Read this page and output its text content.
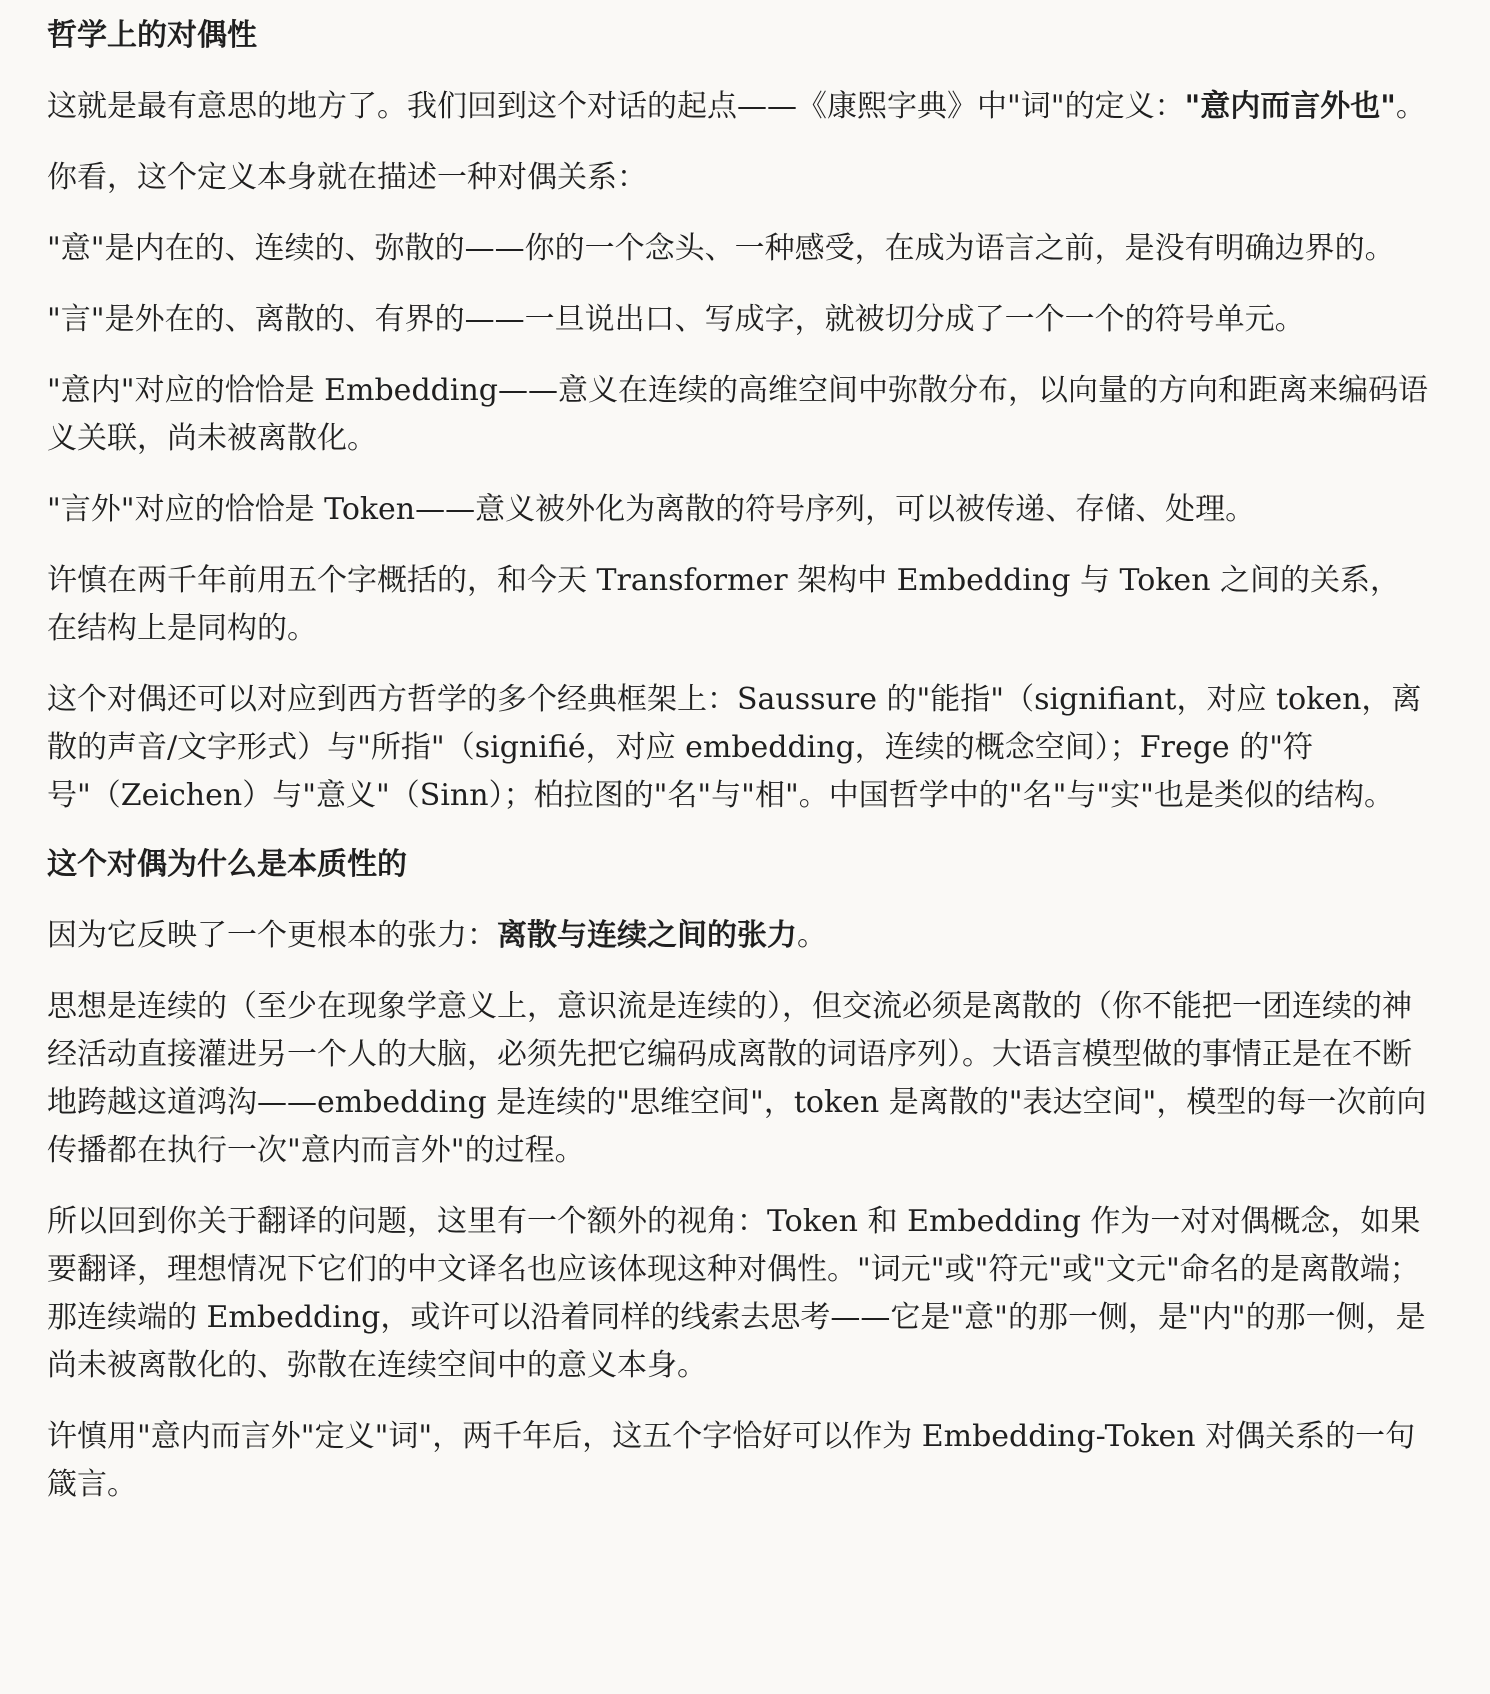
哲学上的对偶性

这就是最有意思的地方了。我们回到这个对话的起点——《康熙字典》中"词"的定义："意内而言外也"。

你看，这个定义本身就在描述一种对偶关系：

"意"是内在的、连续的、弥散的——你的一个念头、一种感受，在成为语言之前，是没有明确边界的。

"言"是外在的、离散的、有界的——一旦说出口、写成字，就被切分成了一个一个的符号单元。

"意内"对应的恰恰是 Embedding——意义在连续的高维空间中弥散分布，以向量的方向和距离来编码语义关联，尚未被离散化。

"言外"对应的恰恰是 Token——意义被外化为离散的符号序列，可以被传递、存储、处理。

许慎在两千年前用五个字概括的，和今天 Transformer 架构中 Embedding 与 Token 之间的关系，在结构上是同构的。

这个对偶还可以对应到西方哲学的多个经典框架上：Saussure 的"能指"（signifiant，对应 token，离散的声音/文字形式）与"所指"（signifié，对应 embedding，连续的概念空间）；Frege 的"符号"（Zeichen）与"意义"（Sinn）；柏拉图的"名"与"相"。中国哲学中的"名"与"实"也是类似的结构。

这个对偶为什么是本质性的

因为它反映了一个更根本的张力：离散与连续之间的张力。

思想是连续的（至少在现象学意义上，意识流是连续的），但交流必须是离散的（你不能把一团连续的神经活动直接灌进另一个人的大脑，必须先把它编码成离散的词语序列）。大语言模型做的事情正是在不断地跨越这道鸿沟——embedding 是连续的"思维空间"，token 是离散的"表达空间"，模型的每一次前向传播都在执行一次"意内而言外"的过程。

所以回到你关于翻译的问题，这里有一个额外的视角：Token 和 Embedding 作为一对对偶概念，如果要翻译，理想情况下它们的中文译名也应该体现这种对偶性。"词元"或"符元"或"文元"命名的是离散端；那连续端的 Embedding，或许可以沿着同样的线索去思考——它是"意"的那一侧，是"内"的那一侧，是尚未被离散化的、弥散在连续空间中的意义本身。

许慎用"意内而言外"定义"词"，两千年后，这五个字恰好可以作为 Embedding-Token 对偶关系的一句箴言。
